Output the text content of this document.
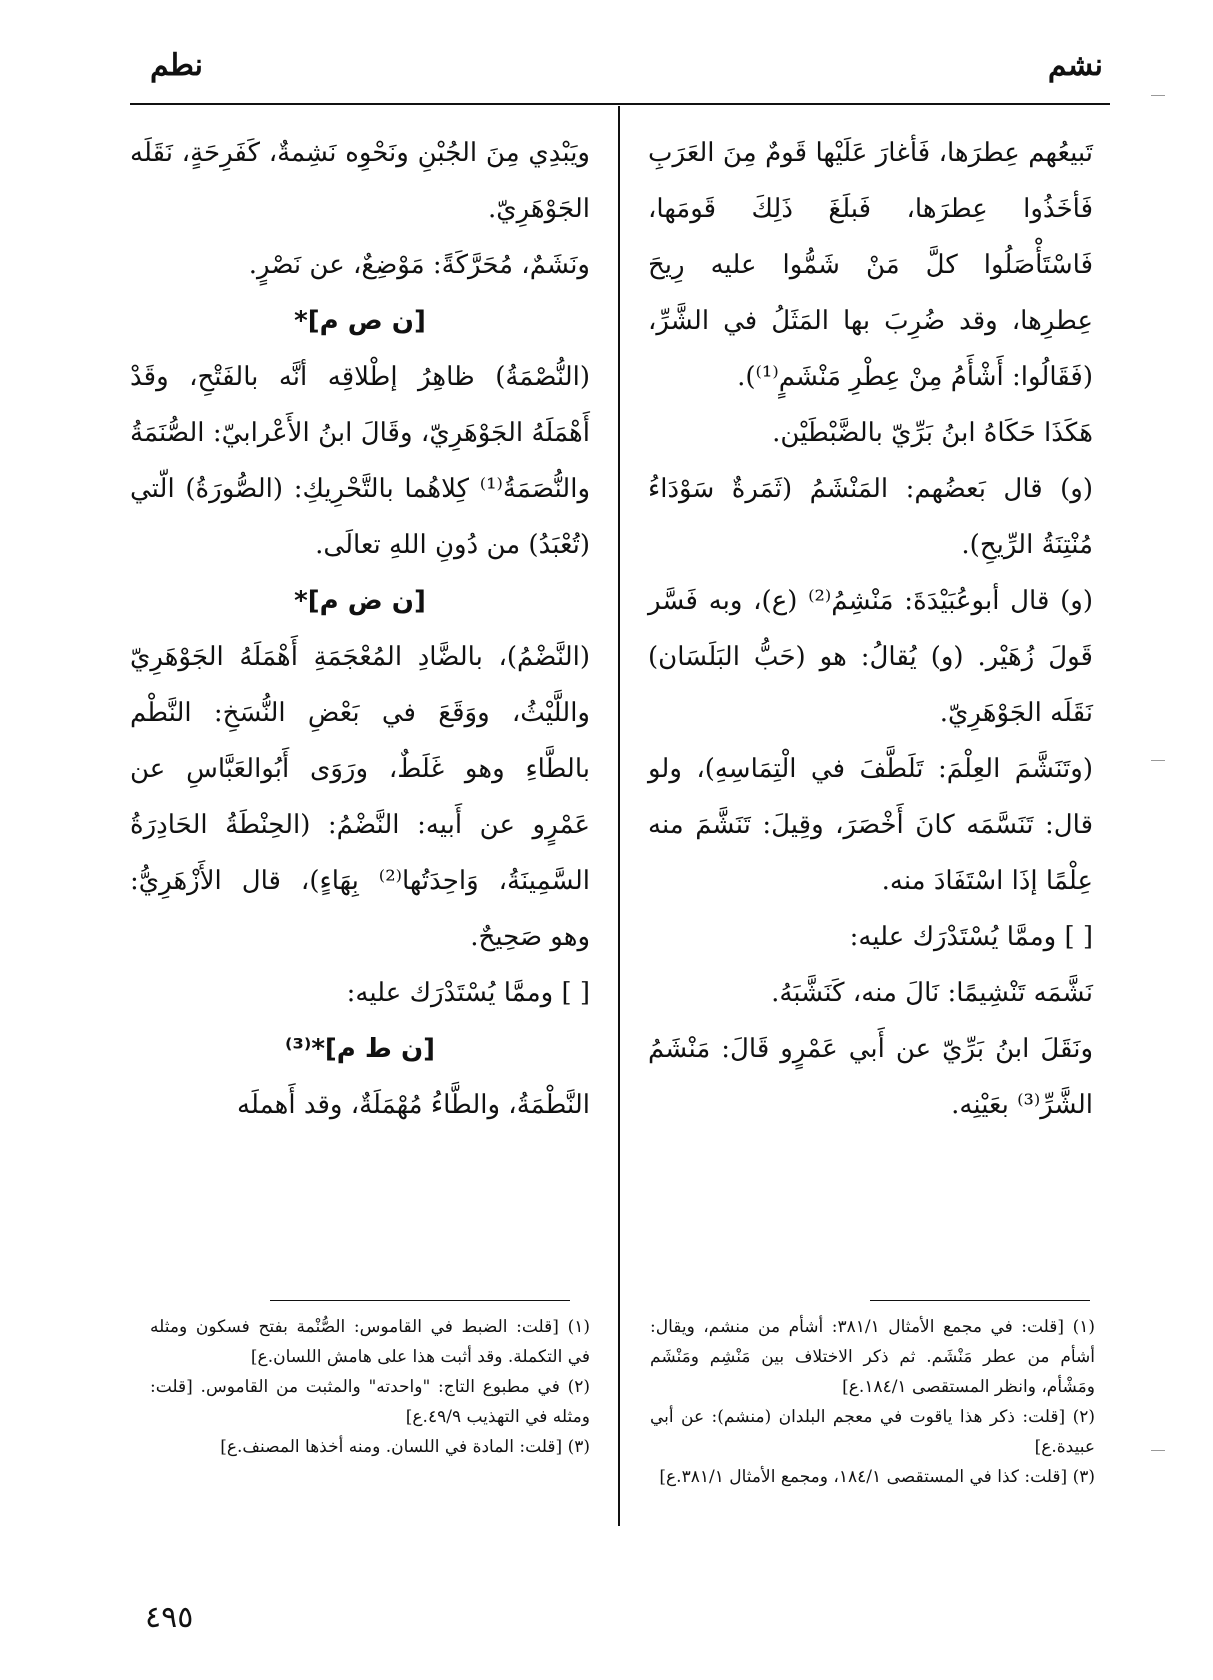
نشم
نطم

تَبيعُهم عِطرَها، فَأغارَ عَلَيْها قَومٌ مِنَ العَرَبِ فَأخَذُوا عِطرَها، فَبلَغَ ذَلِكَ قَومَها، فَاسْتَأْصَلُوا كلَّ مَنْ شَمُّوا عليه رِيحَ عِطرِها، وقد ضُرِبَ بها المَثَلُ في الشَّرِّ، (فَقَالُوا: أَشْأَمُ مِنْ عِطْرِ مَنْشَمٍ⁽¹⁾).

هَكَذَا حَكَاهُ ابنُ بَرِّيّ بالضَّبْطَيْن.

(و) قال بَعضُهم: المَنْشَمُ (ثَمَرةٌ سَوْدَاءُ مُنْتِنَةُ الرِّيحِ).

(و) قال أبوعُبَيْدَةَ: مَنْشِمُ⁽²⁾ (ع)، وبه فَسَّر قَولَ زُهَيْر. (و) يُقالُ: هو (حَبُّ البَلَسَان) نَقَلَه الجَوْهَرِيّ.

(وتَنَشَّمَ العِلْمَ: تَلَطَّفَ في الْتِمَاسِهِ)، ولو قال: تَنَسَّمَه كانَ أَخْصَرَ، وقِيلَ: تَنَشَّمَ منه عِلْمًا إذَا اسْتَفَادَ منه.

[ ] وممَّا يُسْتَدْرَك عليه:

نَشَّمَه تَنْشِيمًا: نَالَ منه، كَنَشَّبَهُ.

ونَقَلَ ابنُ بَرِّيّ عن أَبي عَمْرٍو قَالَ: مَنْشَمُ الشَّرِّ⁽³⁾ بعَيْنِه.

ويَبْدِي مِنَ الجُبْنِ ونَحْوِه نَشِمةٌ، كَفَرِحَةٍ، نَقَلَه الجَوْهَرِيّ.

ونَشَمٌ، مُحَرَّكَةً: مَوْضِعٌ، عن نَصْرٍ.

[ن ص م]*

(النُّصْمَةُ) ظاهِرُ إطْلاقِه أنَّه بالفَتْحِ، وقَدْ أَهْمَلَهُ الجَوْهَرِيّ، وقَالَ ابنُ الأَعْرابيّ: الصُّنَمَةُ والنُّصَمَةُ⁽¹⁾ كِلاهُما بالتَّحْرِيكِ: (الصُّورَةُ) الّتي (تُعْبَدُ) من دُونِ اللهِ تعالَى.

[ن ض م]*

(النَّضْمُ)، بالضَّادِ المُعْجَمَةِ أَهْمَلَهُ الجَوْهَرِيّ واللَّيْثُ، ووَقَعَ في بَعْضِ النُّسَخِ: النَّطْم بالطَّاءِ وهو غَلَطٌ، ورَوَى أَبُوالعَبَّاسِ عن عَمْرٍو عن أَبيه: النَّضْمُ: (الحِنْطَةُ الحَادِرَةُ السَّمِينَةُ، وَاحِدَتُها⁽²⁾ بِهَاءٍ)، قال الأَزْهَرِيُّ: وهو صَحِيحٌ.

[ ] وممَّا يُسْتَدْرَك عليه:

[ن ط م]*⁽³⁾

النَّطْمَةُ، والطَّاءُ مُهْمَلَةٌ، وقد أَهملَه

(١) [قلت: في مجمع الأمثال ٣٨١/١: أشأم من منشم، ويقال: أشأم من عطر مَنْشَم. ثم ذكر الاختلاف بين مَنْشِم ومَنْشَم ومَشْأم، وانظر المستقصى ١٨٤/١.ع]

(٢) [قلت: ذكر هذا ياقوت في معجم البلدان (منشم): عن أبي عبيدة.ع]

(٣) [قلت: كذا في المستقصى ١٨٤/١، ومجمع الأمثال ٣٨١/١.ع]

(١) [قلت: الضبط في القاموس: الصُّنْمة بفتح فسكون ومثله في التكملة. وقد أثبت هذا على هامش اللسان.ع]

(٢) في مطبوع التاج: "واحدته" والمثبت من القاموس. [قلت: ومثله في التهذيب ٤٩/٩.ع]

(٣) [قلت: المادة في اللسان. ومنه أخذها المصنف.ع]

٤٩٥
